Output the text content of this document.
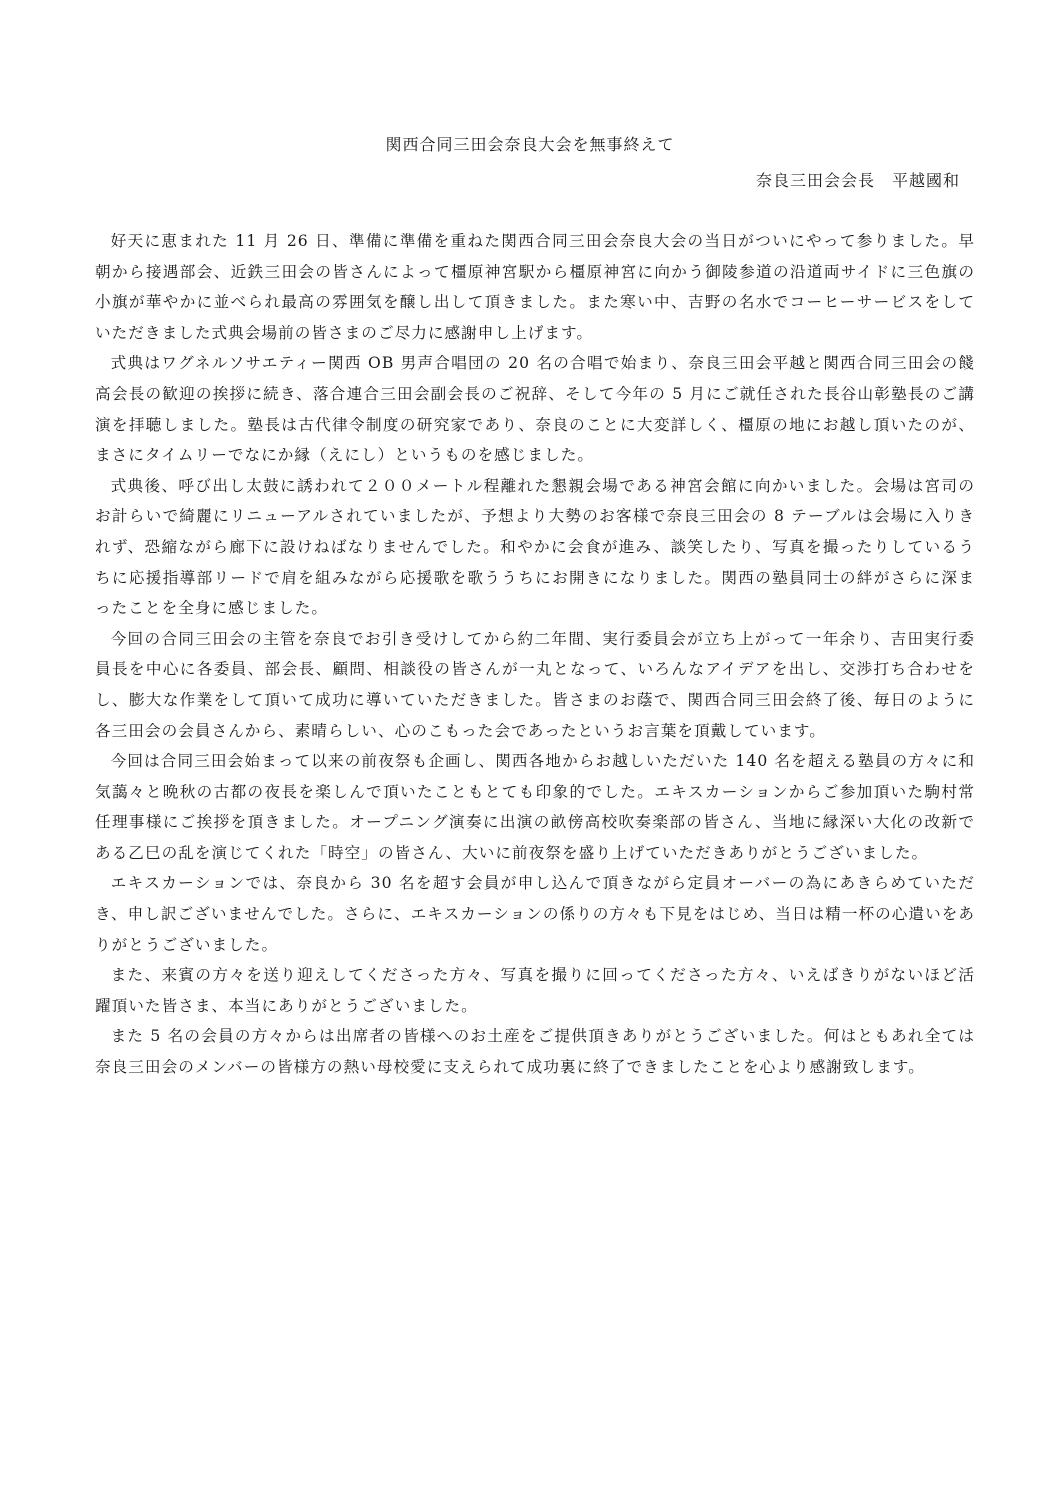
関西合同三田会奈良大会を無事終えて
奈良三田会会長　平越國和

好天に恵まれた 11 月 26 日、準備に準備を重ねた関西合同三田会奈良大会の当日がついにやって参りました。早朝から接遇部会、近鉄三田会の皆さんによって橿原神宮駅から橿原神宮に向かう御陵参道の沿道両サイドに三色旗の小旗が華やかに並べられ最高の雰囲気を醸し出して頂きました。また寒い中、吉野の名水でコーヒーサービスをしていただきました式典会場前の皆さまのご尽力に感謝申し上げます。

式典はワグネルソサエティー関西 OB 男声合唱団の 20 名の合唱で始まり、奈良三田会平越と関西合同三田会の餞高会長の歓迎の挨拶に続き、落合連合三田会副会長のご祝辞、そして今年の 5 月にご就任された長谷山彰塾長のご講演を拝聴しました。塾長は古代律令制度の研究家であり、奈良のことに大変詳しく、橿原の地にお越し頂いたのが、まさにタイムリーでなにか縁（えにし）というものを感じました。

式典後、呼び出し太鼓に誘われて２００メートル程離れた懇親会場である神宮会館に向かいました。会場は宮司のお計らいで綺麗にリニューアルされていましたが、予想より大勢のお客様で奈良三田会の 8 テーブルは会場に入りきれず、恐縮ながら廊下に設けねばなりませんでした。和やかに会食が進み、談笑したり、写真を撮ったりしているうちに応援指導部リードで肩を組みながら応援歌を歌ううちにお開きになりました。関西の塾員同士の絆がさらに深まったことを全身に感じました。

今回の合同三田会の主管を奈良でお引き受けしてから約二年間、実行委員会が立ち上がって一年余り、吉田実行委員長を中心に各委員、部会長、顧問、相談役の皆さんが一丸となって、いろんなアイデアを出し、交渉打ち合わせをし、膨大な作業をして頂いて成功に導いていただきました。皆さまのお蔭で、関西合同三田会終了後、毎日のように各三田会の会員さんから、素晴らしい、心のこもった会であったというお言葉を頂戴しています。

今回は合同三田会始まって以来の前夜祭も企画し、関西各地からお越しいただいた 140 名を超える塾員の方々に和気藹々と晩秋の古都の夜長を楽しんで頂いたこともとても印象的でした。エキスカーションからご参加頂いた駒村常任理事様にご挨拶を頂きました。オープニング演奏に出演の畝傍高校吹奏楽部の皆さん、当地に縁深い大化の改新である乙巳の乱を演じてくれた「時空」の皆さん、大いに前夜祭を盛り上げていただきありがとうございました。

エキスカーションでは、奈良から 30 名を超す会員が申し込んで頂きながら定員オーバーの為にあきらめていただき、申し訳ございませんでした。さらに、エキスカーションの係りの方々も下見をはじめ、当日は精一杯の心遣いをありがとうございました。

また、来賓の方々を送り迎えしてくださった方々、写真を撮りに回ってくださった方々、いえばきりがないほど活躍頂いた皆さま、本当にありがとうございました。

また 5 名の会員の方々からは出席者の皆様へのお土産をご提供頂きありがとうございました。何はともあれ全ては奈良三田会のメンバーの皆様方の熱い母校愛に支えられて成功裏に終了できましたことを心より感謝致します。
